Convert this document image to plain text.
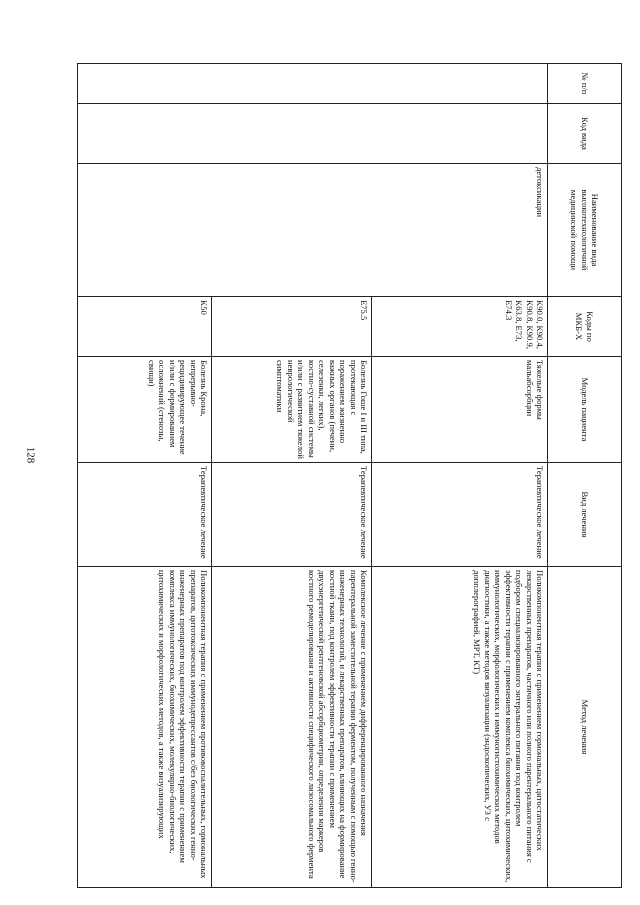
128
№ п/п	Код вида	Наименование вида высокотехнологичной медицинской помощи	Коды по МКБ-Х	Модель пациента	Вид лечения	Метод лечения
		детоксикации	K90.0, K90.4, K90.8, K90.9, K63.8, E73, E74.3	Тяжелые формы мальабсорбции	Терапевтическое лечение	Поликомпонентная терапия с применением гормональных, цитостатических лекарственных препаратов, частичного или полного парентерального питания с подбором специализированного энтерального питания под контролем эффективности терапии с применением комплекса биохимических, цитохимических, иммунологических, морфологических и иммуногистохимических методов диагностики, а также методов визуализации (эндоскопических, УЗ с допплерографией, МРТ, КТ)
			E75.5	Болезнь Гоше I и III типа, протекающая с поражением жизненно важных органов (печени, селезенки, легких), костно-суставной системы и/или с развитием тяжелой неврологической симптоматики	Терапевтическое лечение	Комплексное лечение с применением дифференцированного назначения парентеральной заместительной терапии ферментом, полученным с помощью генно-инженерных технологий, и лекарственных препаратов, влияющих на формирование костной ткани, под контролем эффективности терапии с применением двухэнергетической рентгеновской абсорбциометрии, определения маркеров костного ремоделирования и активности специфического лизосомального фермента
			K50	Болезнь Крона, непрерывно-рецидивирующее течение и/или с формированием осложнений (стенозы, свищи)	Терапевтическое лечение	Поликомпонентная терапия с применением противовоспалительных, гормональных препаратов, цитотоксических иммунодепрессантов с/без биологических генно-инженерных препаратов под контролем эффективности терапии с применением комплекса иммунологических, биохимических, молекулярно-биологических, цитохимических и морфологических методов, а также визуализирующих
